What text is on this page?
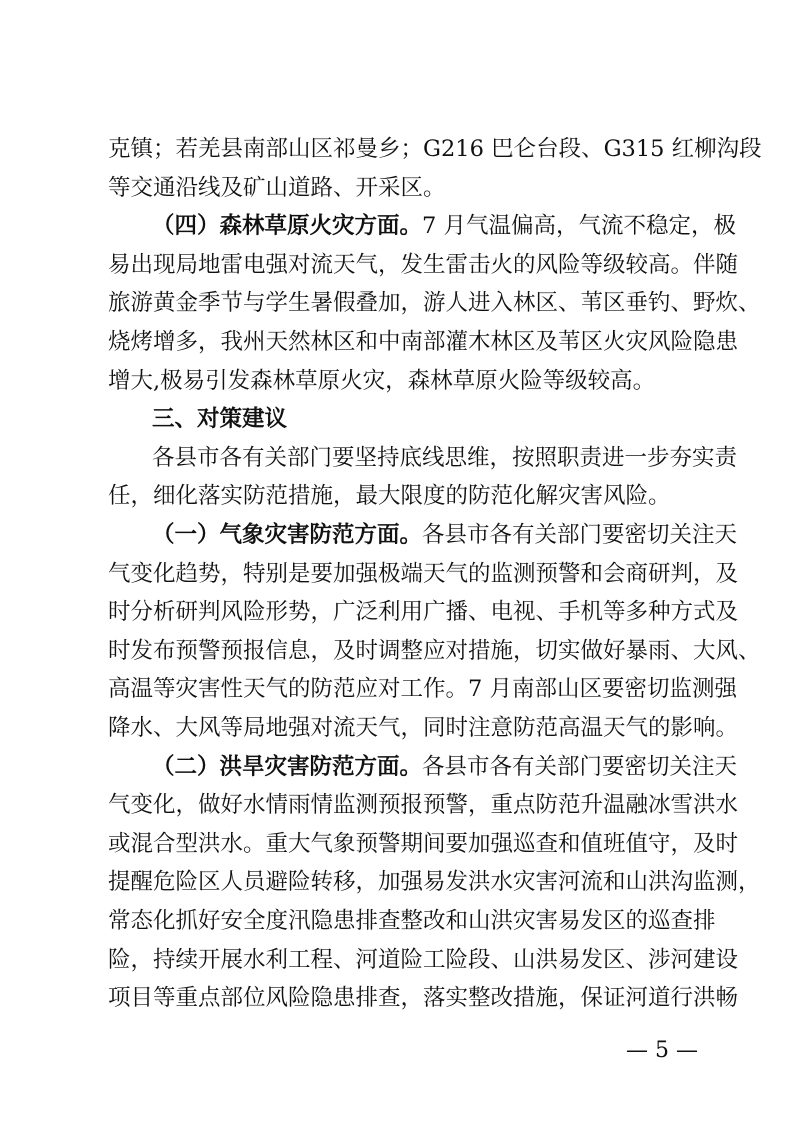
克镇；若羌县南部山区祁曼乡；G216 巴仑台段、G315 红柳沟段
等交通沿线及矿山道路、开采区。
（四）森林草原火灾方面。7 月气温偏高，气流不稳定，极
易出现局地雷电强对流天气，发生雷击火的风险等级较高。伴随
旅游黄金季节与学生暑假叠加，游人进入林区、苇区垂钓、野炊、
烧烤增多，我州天然林区和中南部灌木林区及苇区火灾风险隐患
增大,极易引发森林草原火灾，森林草原火险等级较高。
三、对策建议
各县市各有关部门要坚持底线思维，按照职责进一步夯实责
任，细化落实防范措施，最大限度的防范化解灾害风险。
（一）气象灾害防范方面。各县市各有关部门要密切关注天
气变化趋势，特别是要加强极端天气的监测预警和会商研判，及
时分析研判风险形势，广泛利用广播、电视、手机等多种方式及
时发布预警预报信息，及时调整应对措施，切实做好暴雨、大风、
高温等灾害性天气的防范应对工作。7 月南部山区要密切监测强
降水、大风等局地强对流天气，同时注意防范高温天气的影响。
（二）洪旱灾害防范方面。各县市各有关部门要密切关注天
气变化，做好水情雨情监测预报预警，重点防范升温融冰雪洪水
或混合型洪水。重大气象预警期间要加强巡查和值班值守，及时
提醒危险区人员避险转移，加强易发洪水灾害河流和山洪沟监测，
常态化抓好安全度汛隐患排查整改和山洪灾害易发区的巡查排
— 5 —
险，持续开展水利工程、河道险工险段、山洪易发区、涉河建设
项目等重点部位风险隐患排查，落实整改措施，保证河道行洪畅
